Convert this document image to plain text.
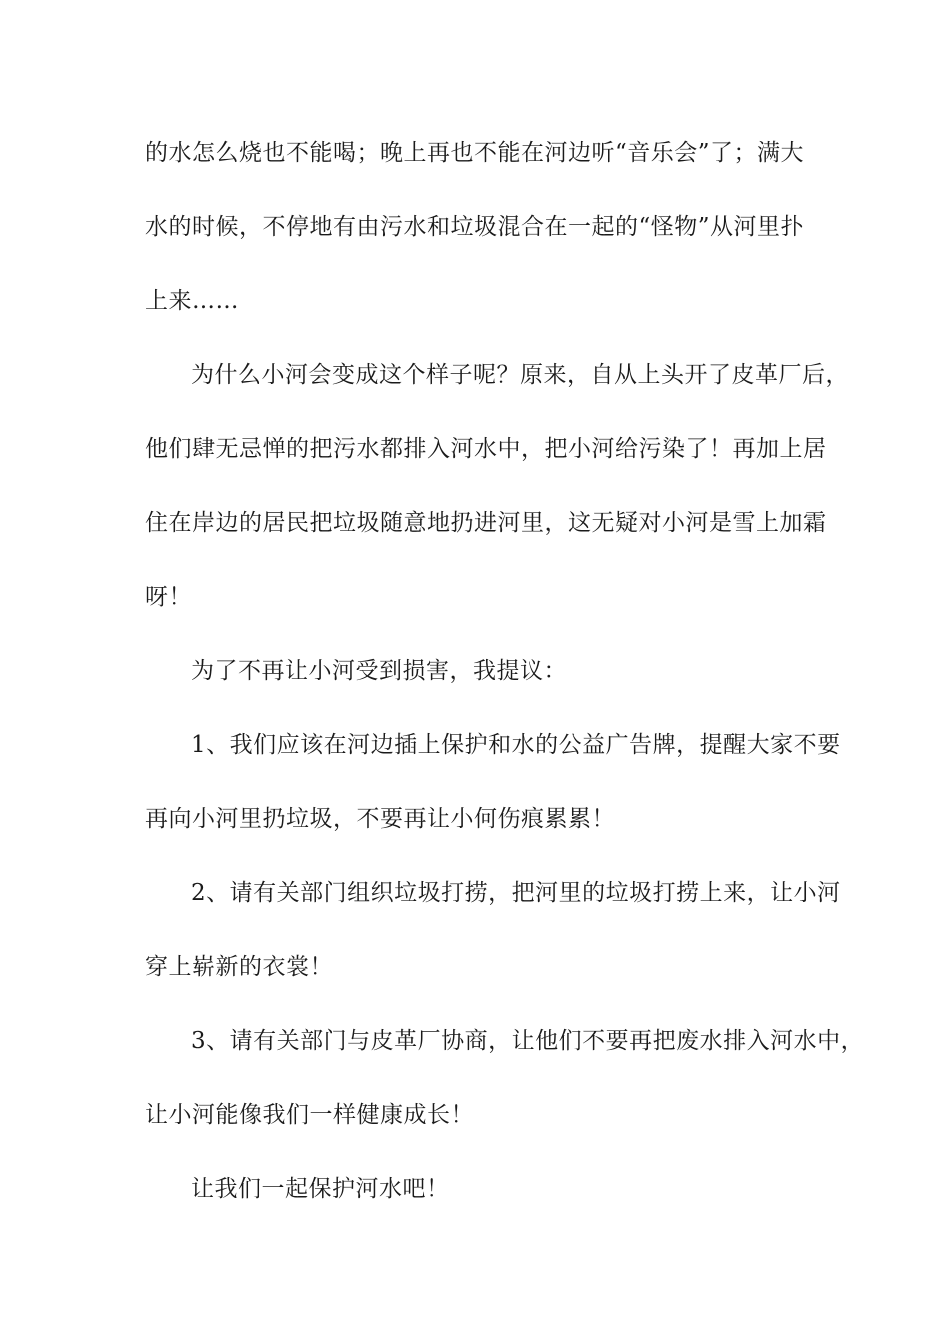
的水怎么烧也不能喝；晚上再也不能在河边听“音乐会”了；满大
水的时候，不停地有由污水和垃圾混合在一起的“怪物”从河里扑
上来……
为什么小河会变成这个样子呢？原来，自从上头开了皮革厂后，
他们肆无忌惮的把污水都排入河水中，把小河给污染了！再加上居
住在岸边的居民把垃圾随意地扔进河里，这无疑对小河是雪上加霜
呀！
为了不再让小河受到损害，我提议：
1、我们应该在河边插上保护和水的公益广告牌，提醒大家不要
再向小河里扔垃圾，不要再让小何伤痕累累！
2、请有关部门组织垃圾打捞，把河里的垃圾打捞上来，让小河
穿上崭新的衣裳！
3、请有关部门与皮革厂协商，让他们不要再把废水排入河水中，
让小河能像我们一样健康成长！
让我们一起保护河水吧！
